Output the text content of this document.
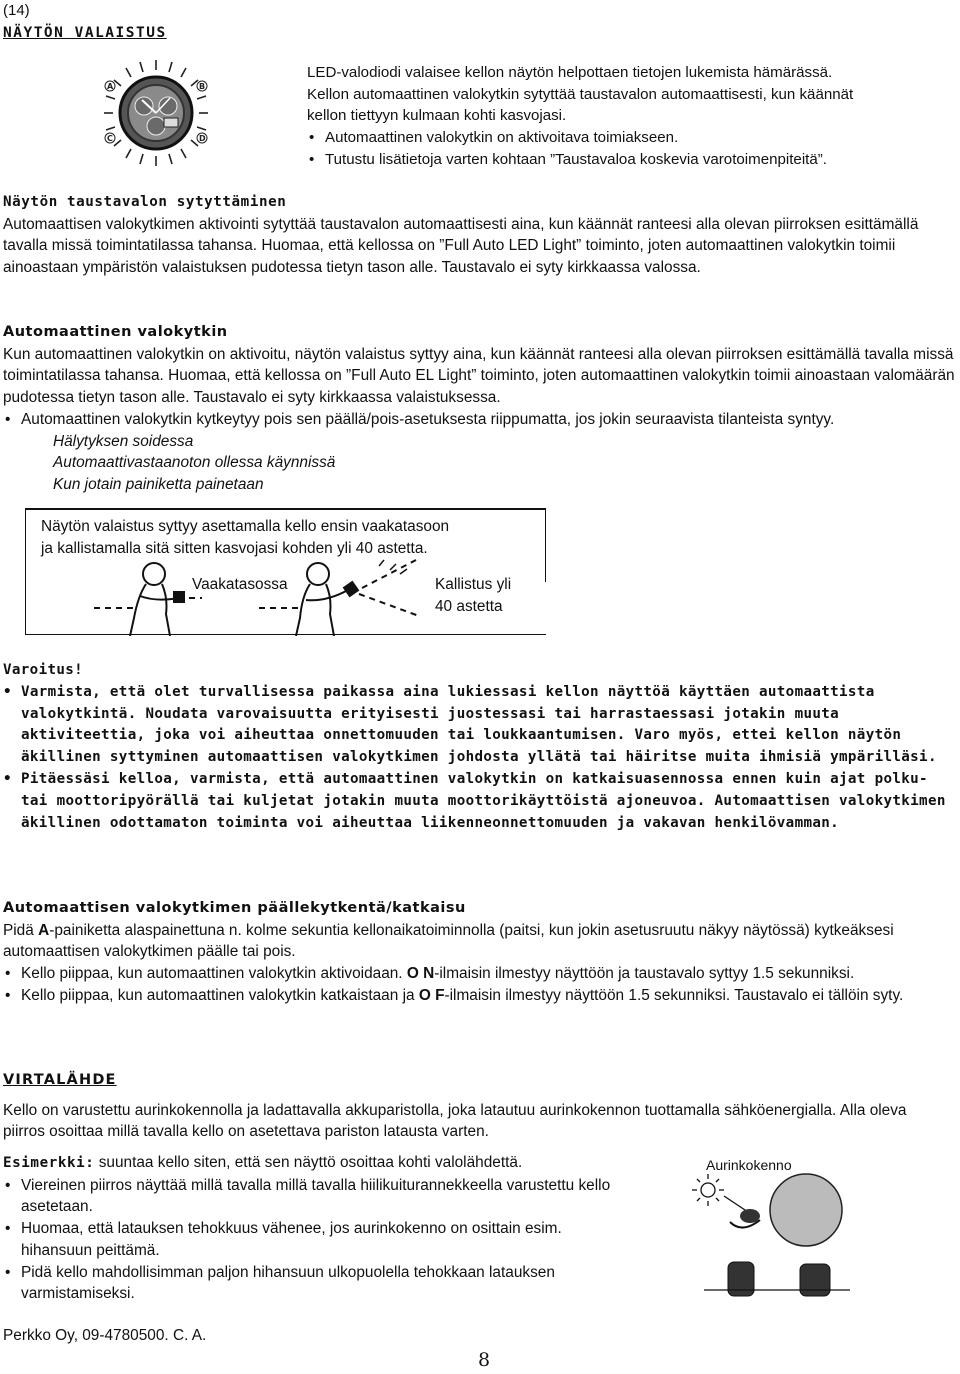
(14)
NÄYTÖN VALAISTUS
A	B
C	D

LED-valodiodi valaisee kellon näytön helpottaen tietojen lukemista hämärässä.

Kellon automaattinen valokytkin sytyttää taustavalon automaattisesti, kun käännät

kellon tiettyyn kulmaan kohti kasvojasi.

• Automaattinen valokytkin on aktivoitava toimiakseen.

• Tutustu lisätietoja varten kohtaan ”Taustavaloa koskevia varotoimenpiteitä”.

Näytön taustavalon sytyttäminen

Automaattisen valokytkimen aktivointi sytyttää taustavalon automaattisesti aina, kun käännät ranteesi alla olevan piirroksen esittämällä tavalla missä toimintatilassa tahansa. Huomaa, että kellossa on ”Full Auto LED Light” toiminto, joten automaattinen valokytkin toimii ainoastaan ympäristön valaistuksen pudotessa tietyn tason alle. Taustavalo ei syty kirkkaassa valossa.

Automaattinen valokytkin

Kun automaattinen valokytkin on aktivoitu, näytön valaistus syttyy aina, kun käännät ranteesi alla olevan piirroksen esittämällä tavalla missä toimintatilassa tahansa. Huomaa, että kellossa on ”Full Auto EL Light” toiminto, joten automaattinen valokytkin toimii ainoastaan valomäärän pudotessa tietyn tason alle. Taustavalo ei syty kirkkaassa valaistuksessa.

• Automaattinen valokytkin kytkeytyy pois sen päällä/pois-asetuksesta riippumatta, jos jokin seuraavista tilanteista syntyy.

Hälytyksen soidessa

Automaattivastaanoton ollessa käynnissä

Kun jotain painiketta painetaan

Näytön valaistus syttyy asettamalla kello ensin vaakatasoon

ja kallistamalla sitä sitten kasvojasi kohden yli 40 astetta.

Vaakatasossa	Kallistus yli

40 astetta

Varoitus!

• Varmista, että olet turvallisessa paikassa aina lukiessasi kellon näyttöä käyttäen automaattista valokytkintä. Noudata varovaisuutta erityisesti juostessasi tai harrastaessasi jotakin muuta aktiviteettia, joka voi aiheuttaa onnettomuuden tai loukkaantumisen. Varo myös, ettei kellon näytön äkillinen syttyminen automaattisen valokytkimen johdosta yllätä tai häiritse muita ihmisiä ympärilläsi.

• Pitäessäsi kelloa, varmista, että automaattinen valokytkin on katkaisuasennossa ennen kuin ajat polku- tai moottoripyörällä tai kuljetat jotakin muuta moottorikäyttöistä ajoneuvoa. Automaattisen valokytkimen äkillinen odottamaton toiminta voi aiheuttaa liikenneonnettomuuden ja vakavan henkilövamman.

Automaattisen valokytkimen päällekytkentä/katkaisu

Pidä A-painiketta alaspainettuna n. kolme sekuntia kellonaikatoiminnolla (paitsi, kun jokin asetusruutu näkyy näytössä) kytkeäksesi automaattisen valokytkimen päälle tai pois.

• Kello piippaa, kun automaattinen valokytkin aktivoidaan. O N-ilmaisin ilmestyy näyttöön ja taustavalo syttyy 1.5 sekunniksi.

• Kello piippaa, kun automaattinen valokytkin katkaistaan ja O F-ilmaisin ilmestyy näyttöön 1.5 sekunniksi. Taustavalo ei tällöin syty.

VIRTALÄHDE

Kello on varustettu aurinkokennolla ja ladattavalla akkuparistolla, joka latautuu aurinkokennon tuottamalla sähköenergialla. Alla oleva piirros osoittaa millä tavalla kello on asetettava pariston latausta varten.

Esimerkki: suuntaa kello siten, että sen näyttö osoittaa kohti valolähdettä.

• Viereinen piirros näyttää millä tavalla millä tavalla hiilikuiturannekkeella varustettu kello asetetaan.

• Huomaa, että latauksen tehokkuus vähenee, jos aurinkokenno on osittain esim. hihansuun peittämä.

• Pidä kello mahdollisimman paljon hihansuun ulkopuolella tehokkaan latauksen varmistamiseksi.

Aurinkokenno
Perkko Oy, 09-4780500. C. A.
8
